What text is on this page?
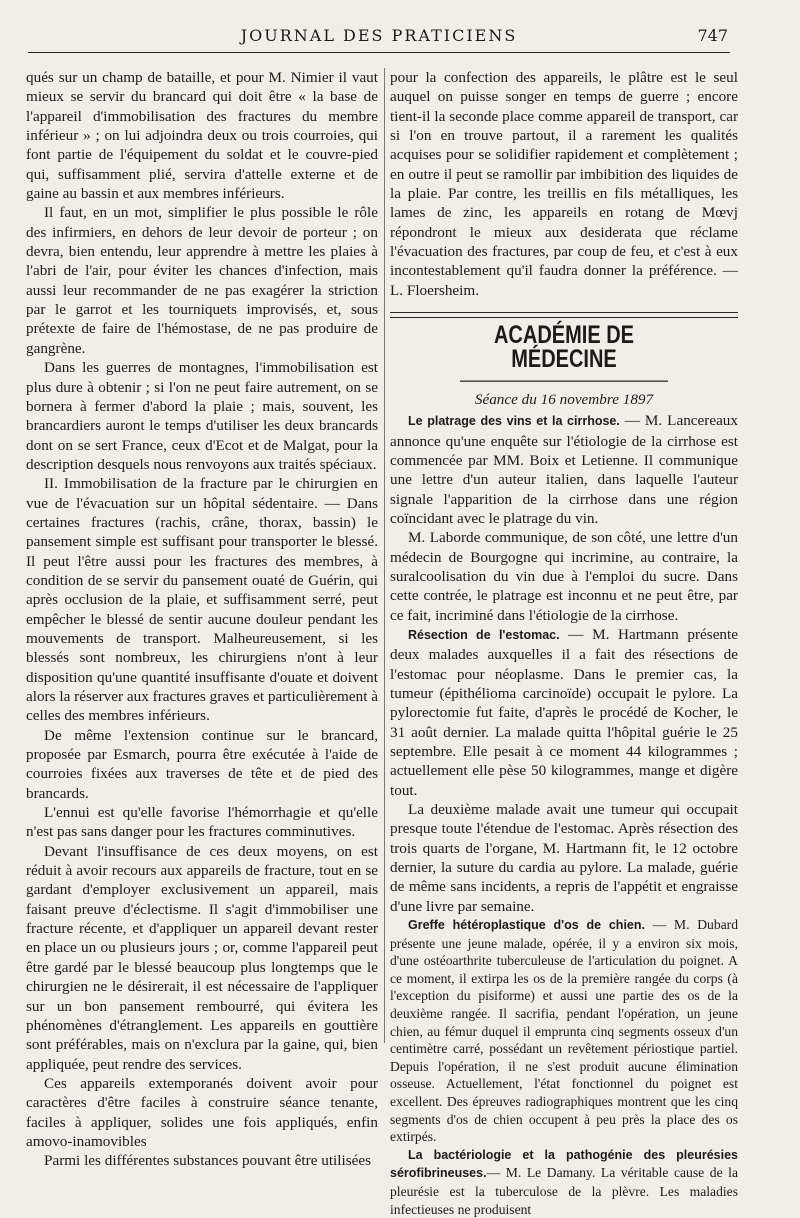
JOURNAL DES PRATICIENS	747

qués sur un champ de bataille, et pour M. Nimier il vaut mieux se servir du brancard qui doit être « la base de l'appareil d'immobilisation des fractures du membre inférieur » ; on lui adjoindra deux ou trois courroies, qui font partie de l'équipement du soldat et le couvre-pied qui, suffisamment plié, servira d'attelle externe et de gaine au bassin et aux membres inférieurs.

Il faut, en un mot, simplifier le plus possible le rôle des infirmiers, en dehors de leur devoir de porteur ; on devra, bien entendu, leur apprendre à mettre les plaies à l'abri de l'air, pour éviter les chances d'infection, mais aussi leur recommander de ne pas exagérer la striction par le garrot et les tourniquets improvisés, et, sous prétexte de faire de l'hémostase, de ne pas produire de gangrène.

Dans les guerres de montagnes, l'immobilisation est plus dure à obtenir ; si l'on ne peut faire autrement, on se bornera à fermer d'abord la plaie ; mais, souvent, les brancardiers auront le temps d'utiliser les deux brancards dont on se sert France, ceux d'Ecot et de Malgat, pour la description desquels nous renvoyons aux traités spéciaux.

II. Immobilisation de la fracture par le chirurgien en vue de l'évacuation sur un hôpital sédentaire. — Dans certaines fractures (rachis, crâne, thorax, bassin) le pansement simple est suffisant pour transporter le blessé. Il peut l'être aussi pour les fractures des membres, à condition de se servir du pansement ouaté de Guérin, qui après occlusion de la plaie, et suffisamment serré, peut empêcher le blessé de sentir aucune douleur pendant les mouvements de transport. Malheureusement, si les blessés sont nombreux, les chirurgiens n'ont à leur disposition qu'une quantité insuffisante d'ouate et doivent alors la réserver aux fractures graves et particulièrement à celles des membres inférieurs.

De même l'extension continue sur le brancard, proposée par Esmarch, pourra être exécutée à l'aide de courroies fixées aux traverses de tête et de pied des brancards.

L'ennui est qu'elle favorise l'hémorrhagie et qu'elle n'est pas sans danger pour les fractures comminutives.

Devant l'insuffisance de ces deux moyens, on est réduit à avoir recours aux appareils de fracture, tout en se gardant d'employer exclusivement un appareil, mais faisant preuve d'éclectisme. Il s'agit d'immobiliser une fracture récente, et d'appliquer un appareil devant rester en place un ou plusieurs jours ; or, comme l'appareil peut être gardé par le blessé beaucoup plus longtemps que le chirurgien ne le désirerait, il est nécessaire de l'appliquer sur un bon pansement rembourré, qui évitera les phénomènes d'étranglement. Les appareils en gouttière sont préférables, mais on n'exclura par la gaine, qui, bien appliquée, peut rendre des services.

Ces appareils extemporanés doivent avoir pour caractères d'être faciles à construire séance tenante, faciles à appliquer, solides une fois appliqués, enfin amovo-inamovibles

Parmi les différentes substances pouvant être utilisées

pour la confection des appareils, le plâtre est le seul auquel on puisse songer en temps de guerre ; encore tient-il la seconde place comme appareil de transport, car si l'on en trouve partout, il a rarement les qualités acquises pour se solidifier rapidement et complètement ; en outre il peut se ramollir par imbibition des liquides de la plaie. Par contre, les treillis en fils métalliques, les lames de zinc, les appareils en rotang de Mœvj répondront le mieux aux desiderata que réclame l'évacuation des fractures, par coup de feu, et c'est à eux incontestablement qu'il faudra donner la préférence. — L. Floersheim.

ACADÉMIE DE MÉDECINE

Séance du 16 novembre 1897

Le platrage des vins et la cirrhose. — M. Lancereaux annonce qu'une enquête sur l'étiologie de la cirrhose est commencée par MM. Boix et Letienne. Il communique une lettre d'un auteur italien, dans laquelle l'auteur signale l'apparition de la cirrhose dans une région coïncidant avec le platrage du vin.

M. Laborde communique, de son côté, une lettre d'un médecin de Bourgogne qui incrimine, au contraire, la suralcoolisation du vin due à l'emploi du sucre. Dans cette contrée, le platrage est inconnu et ne peut être, par ce fait, incriminé dans l'étiologie de la cirrhose.

Résection de l'estomac. — M. Hartmann présente deux malades auxquelles il a fait des résections de l'estomac pour néoplasme. Dans le premier cas, la tumeur (épithélioma carcinoïde) occupait le pylore. La pylorectomie fut faite, d'après le procédé de Kocher, le 31 août dernier. La malade quitta l'hôpital guérie le 25 septembre. Elle pesait à ce moment 44 kilogrammes ; actuellement elle pèse 50 kilogrammes, mange et digère tout.

La deuxième malade avait une tumeur qui occupait presque toute l'étendue de l'estomac. Après résection des trois quarts de l'organe, M. Hartmann fit, le 12 octobre dernier, la suture du cardia au pylore. La malade, guérie de même sans incidents, a repris de l'appétit et engraisse d'une livre par semaine.

Greffe hétéroplastique d'os de chien. — M. Dubard présente une jeune malade, opérée, il y a environ six mois, d'une ostéoarthrite tuberculeuse de l'articulation du poignet. A ce moment, il extirpa les os de la première rangée du corps (à l'exception du pisiforme) et aussi une partie des os de la deuxième rangée. Il sacrifia, pendant l'opération, un jeune chien, au fémur duquel il emprunta cinq segments osseux d'un centimètre carré, possédant un revêtement périostique partiel. Depuis l'opération, il ne s'est produit aucune élimination osseuse. Actuellement, l'état fonctionnel du poignet est excellent. Des épreuves radiographiques montrent que les cinq segments d'os de chien occupent à peu près la place des os extirpés.

La bactériologie et la pathogénie des pleurésies sérofibrineuses.— M. Le Damany. La véritable cause de la pleurésie est la tuberculose de la plèvre. Les maladies infectieuses ne produisent
